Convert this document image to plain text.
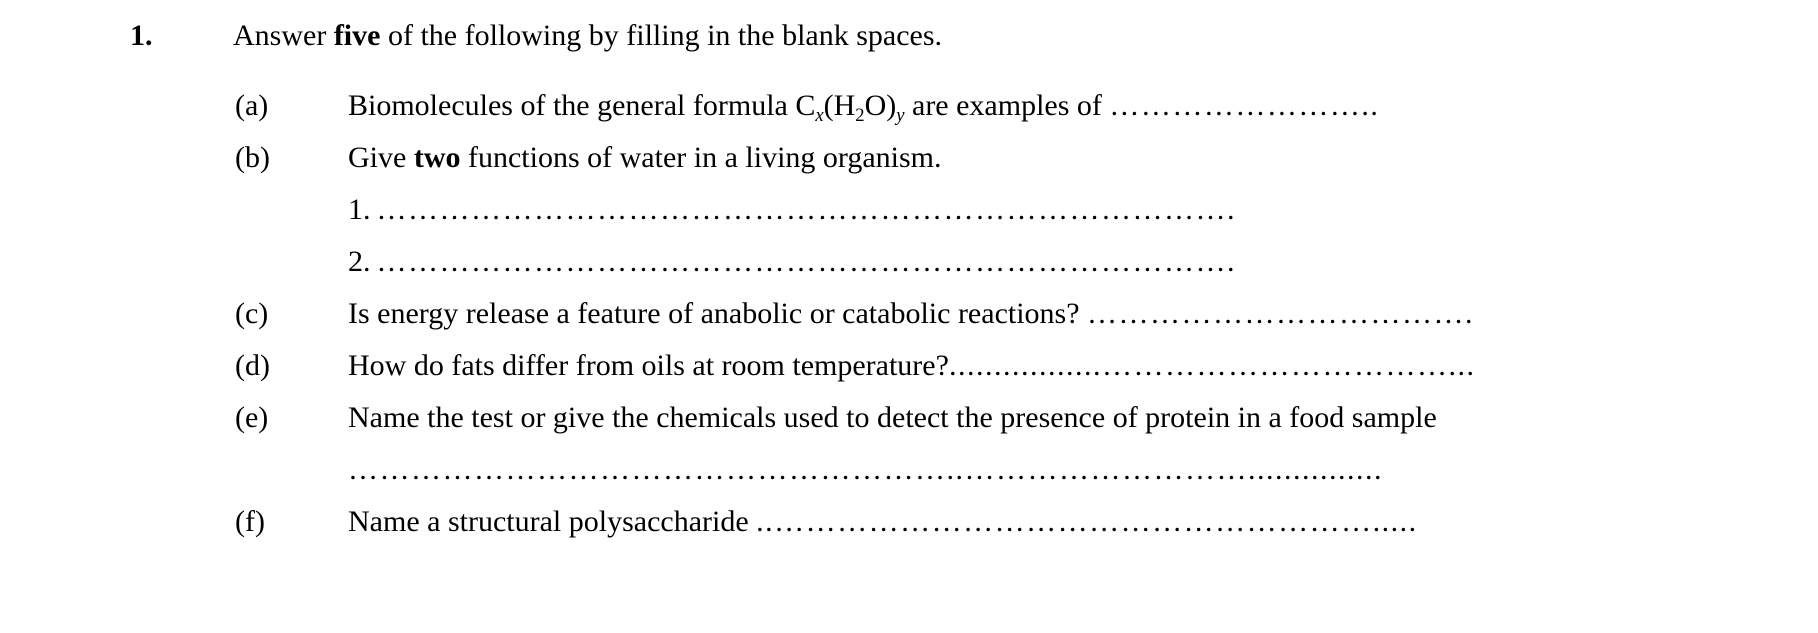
1.	Answer five of the following by filling in the blank spaces.
(a)	Biomolecules of the general formula $C_x(H_2O)_y$ are examples of ……………………..
(b)	Give two functions of water in a living organism.
1. ……………………………………………………………………….
2. ……………………………………………………………………….
(c)	Is energy release a feature of anabolic or catabolic reactions? ……………………………….
(d)	How do fats differ from oils at room temperature?.................……………………………...
(e)	Name the test or give the chemicals used to detect the presence of protein in a food sample
…………………………………………………..………………………...............
(f)	Name a structural polysaccharide ..………………………………………………….....​
